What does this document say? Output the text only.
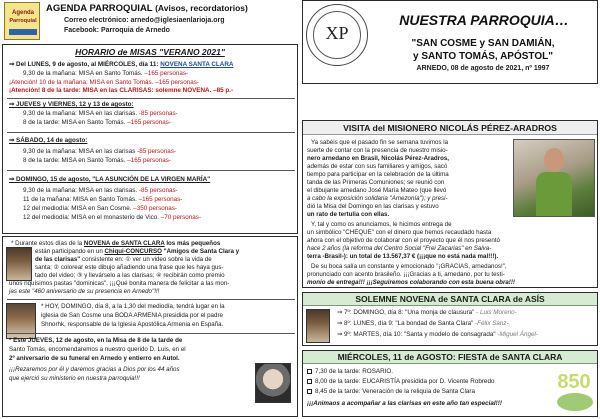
Agenda
Parroquial
AGENDA PARROQUIAL (Avisos, recordatorios)
Correo electrónico: arnedo@iglesiaenlarioja.org
Facebook: Parroquia de Arnedo
HORARIO de MISAS "VERANO 2021"
⇒ Del LUNES, 9 de agosto, al MIÉRCOLES, día 11: NOVENA SANTA CLARA
9,30 de la mañana: MISA en Santo Tomás. –165 personas-
¡Atención! 10 de la mañana: MISA en Santo Tomás. –165 personas-
¡Atención! 8 de la tarde: MISA en las CLARISAS: solemne NOVENA. –85 p.-
⇒ JUEVES y VIERNES, 12 y 13 de agosto:
9,30 de la mañana: MISA en las clarisas. -85 personas-
8 de la tarde: MISA en Santo Tomás. –165 personas-
⇒ SÁBADO, 14 de agosto:
9,30 de la mañana: MISA en las clarisas -85 personas-
8 de la tarde: MISA en Santo Tomás. –165 personas-
⇒ DOMINGO, 15 de agosto, "LA ASUNCIÓN DE LA VIRGEN MARÍA"
9,30 de la mañana: MISA en las clarisas. -85 personas-
11 de la mañana: MISA en Santo Tomás. –165 personas-
12 del mediodía: MISA en San Cosme. –350 personas-
12 del mediodía: MISA en el monasterio de Vico. –70 personas-
* Durante estos días de la NOVENA de SANTA CLARA los más pequeños
están participando en un Chiqui-CONCURSO "Amigos de Santa Clara y
de las clarisas" consistente en: ① ver un video sobre la vida de
santa; ② colorear este dibujo añadiendo una frase que les haya gus-
tado del video; ③ y llevárselo a las clarisas; ④ recibirán como premio
unos riquísimos pastas "dominicas". ¡¡¡Qué bonita manera de felicitar a las mon-
jas este "460 aniversario de su presencia en Arnedo"!!!
* HOY, DOMINGO, día 8, a la 1,30 del mediodía, tendrá lugar en la
iglesia de San Cosme una BODA ARMENIA presidida por el padre
Shnorhk, responsable de la Iglesia Apostólica Armenia en España.
* Este JUEVES, 12 de agosto, en la Misa de 8 de la tarde de
Santo Tomás, encomendaremos a nuestro querido D. Luis, en el
2º aniversario de su funeral en Arnedo y entierro en Autol.
¡¡¡Rezaremos por él y daremos gracias a Dios por los 44 años
que ejerció su ministerio en nuestra parroquia!!!
XP
NUESTRA PARROQUIA…
"SAN COSME y SAN DAMIÁN,
y SANTO TOMÁS, APÓSTOL"
ARNEDO, 08 de agosto de 2021, nº 1997
VISITA del MISIONERO NICOLÁS PÉREZ-ARADROS
Ya sabéis que el pasado fin se semana tuvimos la
suerte de contar con la presencia de nuestro misio-
nero arnedano en Brasil, Nicolás Pérez-Aradros,
además de estar con sus familiares y amigos, sacó
tiempo para participar en la celebración de la última
tanda de las Primeras Comuniones; se reunió con
el dibujante arnedano José María Mateo (que llevó
a cabo la exposición solidaria "Amezonía"); y presi-
dió la Misa del Domingo en las clarisas y estuvo
un rato de tertulia con ellas.
Y, tal y como os anunciamos, le hicimos entrega de
un simbólico "CHEQUE" con el dinero que hemos recaudado hasta
ahora con el objetivo de colaborar con el proyecto que él nos presentó
hace 2 años (la reforma del Centro Social "Frei Zacarias" en Salva-
terra -Brasil-): un total de 13.567,37 € (¡¡¡que no está nada mal!!!).
De su boca salía un constante y emocionado "¡GRACIAS, arnedanos!",
pronunciado con acento brasileño. ¡¡¡Gracias a ti, arnedano, por tu testi-
monio de entrega!!! ¡¡¡Seguiremos colaborando con esta buena obra!!!
SOLEMNE NOVENA de SANTA CLARA de ASÍS
⇒ 7º: DOMINGO, día 8: "Una monja de clausura" - Luis Moreno-
⇒ 8º: LUNES, día 9: "La bondad de Santa Clara" -Félix Sanz-
⇒ 9º: MARTES, día 10: "Santa y modelo de consagrada" -Miguel Ángel-
MIÉRCOLES, 11 de AGOSTO: FIESTA de SANTA CLARA
850
7,30 de la tarde: ROSARIO.
8,00 de la tarde: EUCARISTÍA presidida por D. Vicente Robredo
8,45 de la tarde: Veneración de la reliquia de Santa Clara
¡¡¡Animaos a acompañar a las clarisas en este año tan especial!!!
